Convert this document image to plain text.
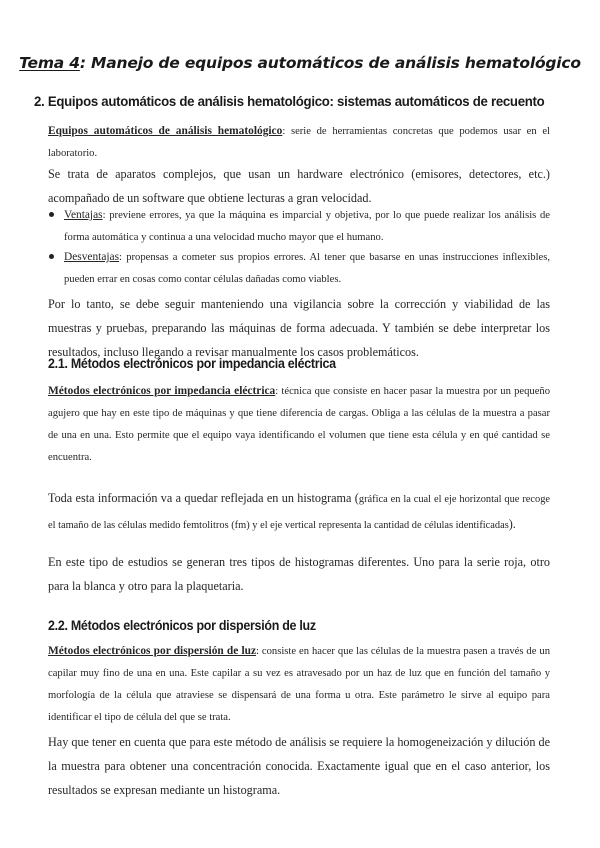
Tema 4: Manejo de equipos automáticos de análisis hematológico
2. Equipos automáticos de análisis hematológico: sistemas automáticos de recuento

Equipos automáticos de análisis hematológico: serie de herramientas concretas que podemos usar en el laboratorio.

Se trata de aparatos complejos, que usan un hardware electrónico (emisores, detectores, etc.) acompañado de un software que obtiene lecturas a gran velocidad.

Ventajas: previene errores, ya que la máquina es imparcial y objetiva, por lo que puede realizar los análisis de forma automática y continua a una velocidad mucho mayor que el humano.

Desventajas: propensas a cometer sus propios errores. Al tener que basarse en unas instrucciones inflexibles, pueden errar en cosas como contar células dañadas como viables.

Por lo tanto, se debe seguir manteniendo una vigilancia sobre la corrección y viabilidad de las muestras y pruebas, preparando las máquinas de forma adecuada. Y también se debe interpretar los resultados, incluso llegando a revisar manualmente los casos problemáticos.

2.1. Métodos electrónicos por impedancia eléctrica

Métodos electrónicos por impedancia eléctrica: técnica que consiste en hacer pasar la muestra por un pequeño agujero que hay en este tipo de máquinas y que tiene diferencia de cargas. Obliga a las células de la muestra a pasar de una en una. Esto permite que el equipo vaya identificando el volumen que tiene esta célula y en qué cantidad se encuentra.

Toda esta información va a quedar reflejada en un histograma (gráfica en la cual el eje horizontal que recoge el tamaño de las células medido femtolitros (fm) y el eje vertical representa la cantidad de células identificadas).

En este tipo de estudios se generan tres tipos de histogramas diferentes. Uno para la serie roja, otro para la blanca y otro para la plaquetaria.

2.2. Métodos electrónicos por dispersión de luz

Métodos electrónicos por dispersión de luz: consiste en hacer que las células de la muestra pasen a través de un capilar muy fino de una en una. Este capilar a su vez es atravesado por un haz de luz que en función del tamaño y morfología de la célula que atraviese se dispensará de una forma u otra. Este parámetro le sirve al equipo para identificar el tipo de célula del que se trata.

Hay que tener en cuenta que para este método de análisis se requiere la homogeneización y dilución de la muestra para obtener una concentración conocida. Exactamente igual que en el caso anterior, los resultados se expresan mediante un histograma.
